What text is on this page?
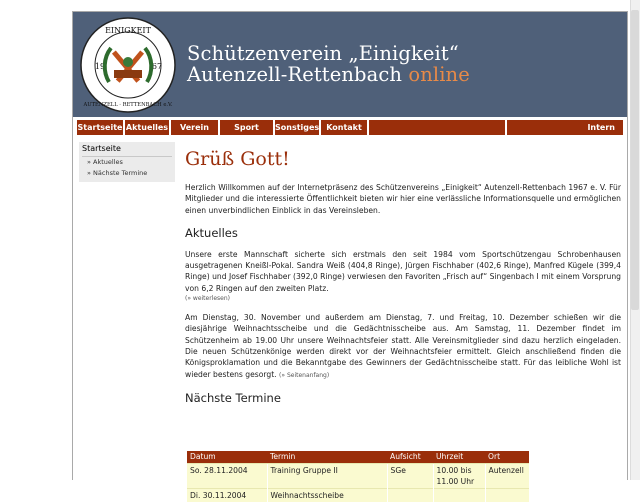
EINIGKEIT
19	67
AUTENZELL · RETTENBACH e.V.
Schützenverein „Einigkeit“
Autenzell-Rettenbach online
Startseite Aktuelles	Verein	Sport	Sonstiges Kontakt	Intern
Startseite
» Aktuelles
» Nächste Termine
Grüß Gott!

Herzlich Willkommen auf der Internetpräsenz des Schützenvereins „Einigkeit“ Autenzell-Rettenbach 1967 e. V. Für Mitglieder und die interessierte Öffentlichkeit bieten wir hier eine verlässliche Informationsquelle und ermöglichen einen unverbindlichen Einblick in das Vereinsleben.

Aktuelles

Unsere erste Mannschaft sicherte sich erstmals den seit 1984 vom Sportschützengau Schrobenhausen ausgetragenen Kneißl-Pokal. Sandra Weiß (404,8 Ringe), Jürgen Fischhaber (402,6 Ringe), Manfred Kügele (399,4 Ringe) und Josef Fischhaber (392,0 Ringe) verwiesen den Favoriten „Frisch auf“ Singenbach I mit einem Vorsprung von 6,2 Ringen auf den zweiten Platz.

(» weiterlesen)

Am Dienstag, 30. November und außerdem am Dienstag, 7. und Freitag, 10. Dezember schießen wir die diesjährige Weihnachtsscheibe und die Gedächtnisscheibe aus. Am Samstag, 11. Dezember findet im Schützenheim ab 19.00 Uhr unsere Weihnachtsfeier statt. Alle Vereinsmitglieder sind dazu herzlich eingeladen. Die neuen Schützenkönige werden direkt vor der Weihnachtsfeier ermittelt. Gleich anschließend finden die Königsproklamation und die Bekanntgabe des Gewinners der Gedächtnisscheibe statt. Für das leibliche Wohl ist wieder bestens gesorgt. (» Seitenanfang)

Nächste Termine
Datum	Termin	Aufsicht	Uhrzeit	Ort
So. 28.11.2004	Training Gruppe II	SGe	10.00 bis 11.00 Uhr	Autenzell
Di. 30.11.2004	Weihnachtsscheibe			
